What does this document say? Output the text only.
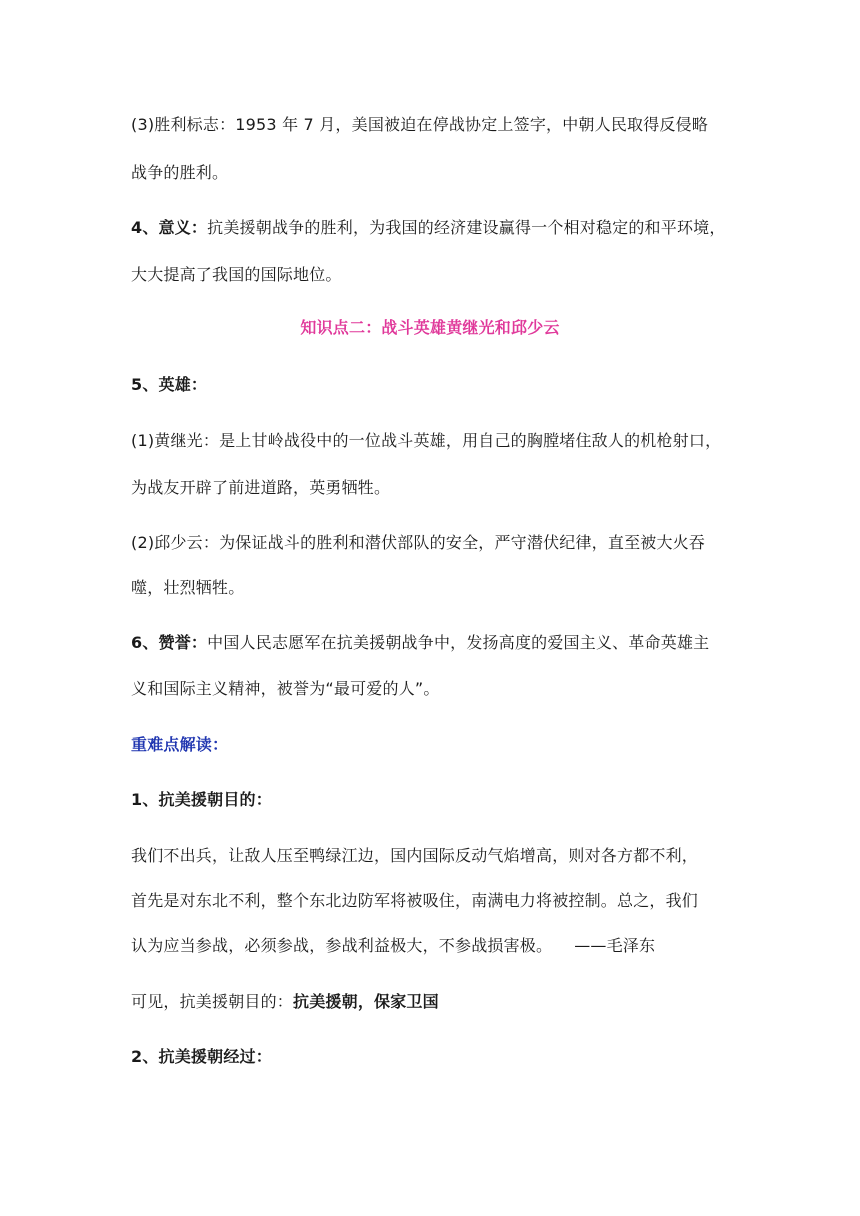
(3)胜利标志：1953 年 7 月，美国被迫在停战协定上签字，中朝人民取得反侵略
战争的胜利。
4、意义：抗美援朝战争的胜利，为我国的经济建设赢得一个相对稳定的和平环境，
大大提高了我国的国际地位。
知识点二：战斗英雄黄继光和邱少云
5、英雄：
(1)黄继光：是上甘岭战役中的一位战斗英雄，用自己的胸膛堵住敌人的机枪射口，
为战友开辟了前进道路，英勇牺牲。
(2)邱少云：为保证战斗的胜利和潜伏部队的安全，严守潜伏纪律，直至被大火吞
噬，壮烈牺牲。
6、赞誉：中国人民志愿军在抗美援朝战争中，发扬高度的爱国主义、革命英雄主
义和国际主义精神，被誉为“最可爱的人”。
重难点解读：
1、抗美援朝目的：
我们不出兵，让敌人压至鸭绿江边，国内国际反动气焰增高，则对各方都不利，
首先是对东北不利，整个东北边防军将被吸住，南满电力将被控制。总之，我们
认为应当参战，必须参战，参战利益极大，不参战损害极。 ——毛泽东
可见，抗美援朝目的：抗美援朝，保家卫国
2、抗美援朝经过：
